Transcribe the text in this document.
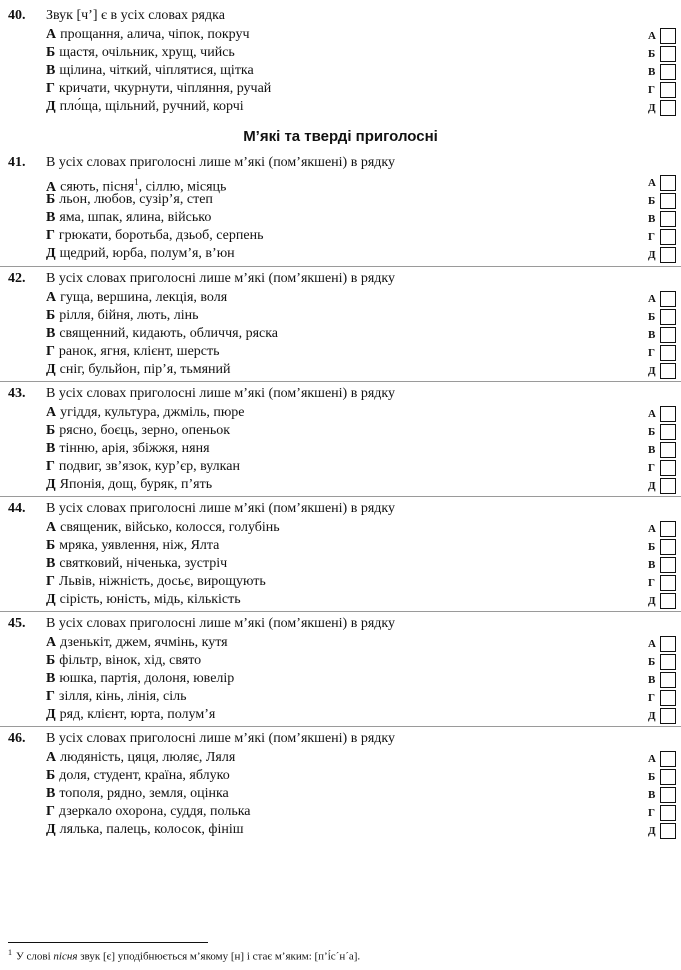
40. Звук [ч’] є в усіх словах рядка
А прощання, алича, чіпок, покруч
Б щастя, очільник, хрущ, чийсь
В щілина, чіткий, чіплятися, щітка
Г кричати, чкурнути, чіпляння, ручай
Д пло́ща, щільний, ручний, корчі
А
Б
В
Г
Д
М’які та тверді приголосні
41. В усіх словах приголосні лише м’які (пом’якшені) в рядку
А сяють, пісня$^1$, сіллю, місяць
Б льон, любов, сузір’я, степ
В яма, шпак, ялина, військо
Г грюкати, боротьба, дзьоб, серпень
Д щедрий, юрба, полум’я, в’юн
А
Б
В
Г
Д
42. В усіх словах приголосні лише м’які (пом’якшені) в рядку
А гуща, вершина, лекція, воля
Б рілля, бійня, лють, лінь
В священний, кидають, обличчя, ряска
Г ранок, ягня, клієнт, шерсть
Д сніг, бульйон, пір’я, тьмяний
А
Б
В
Г
Д
43. В усіх словах приголосні лише м’які (пом’якшені) в рядку
А угіддя, культура, джміль, пюре
Б рясно, боєць, зерно, опеньок
В тінню, арія, збіжжя, няня
Г подвиг, зв’язок, кур’єр, вулкан
Д Японія, дощ, буряк, п’ять
А
Б
В
Г
Д
44. В усіх словах приголосні лише м’які (пом’якшені) в рядку
А священик, військо, колосся, голубінь
Б мряка, уявлення, ніж, Ялта
В святковий, ніченька, зустріч
Г Львів, ніжність, досьє, вирощують
Д сірість, юність, мідь, кількість
А
Б
В
Г
Д
45. В усіх словах приголосні лише м’які (пом’якшені) в рядку
А дзенькіт, джем, ячмінь, кутя
Б фільтр, вінок, хід, свято
В юшка, партія, долоня, ювелір
Г зілля, кінь, лінія, сіль
Д ряд, клієнт, юрта, полум’я
А
Б
В
Г
Д
46. В усіх словах приголосні лише м’які (пом’якшені) в рядку
А людяність, цяця, люляє, Ляля
Б доля, студент, країна, яблуко
В тополя, рядно, земля, оцінка
Г дзеркало охорона, суддя, полька
Д лялька, палець, колосок, фініш
А
Б
В
Г
Д
$^1$ У слові пісня звук [є] уподібнюється м’якому [н] і стає м’яким: [п’і́с´н´а].
